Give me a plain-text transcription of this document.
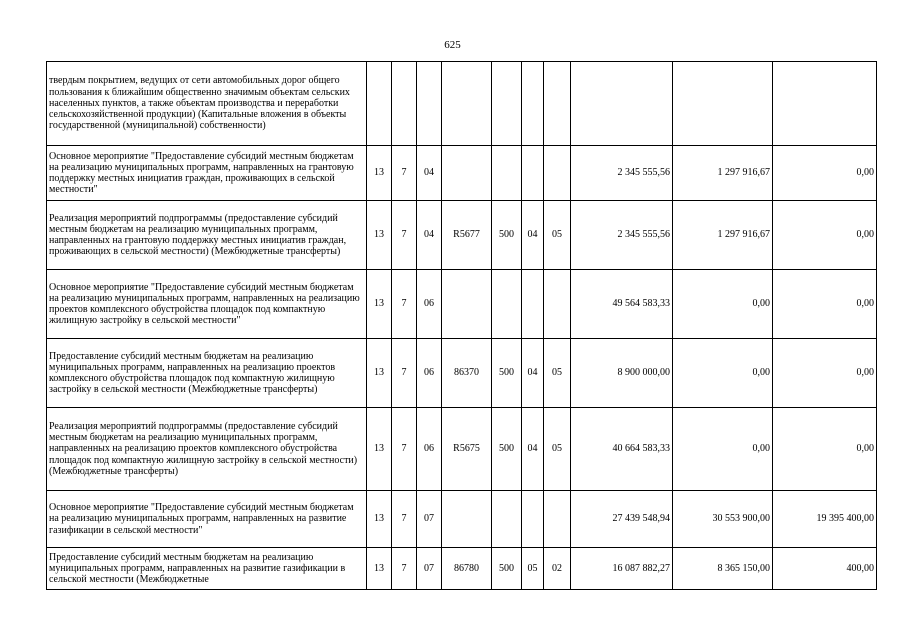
625
твердым покрытием, ведущих от сети автомобильных дорог общего пользования к ближайшим общественно значимым объектам сельских населенных пунктов, а также объектам производства и переработки сельскохозяйственной продукции) (Капитальные вложения в объекты государственной (муниципальной) собственности)										
Основное мероприятие "Предоставление субсидий местным бюджетам на реализацию муниципальных программ, направленных на грантовую поддержку местных инициатив граждан, проживающих в сельской местности"	13	7	04					2 345 555,56	1 297 916,67	0,00
Реализация мероприятий подпрограммы (предоставление субсидий местным бюджетам на реализацию муниципальных программ, направленных на грантовую поддержку местных инициатив граждан, проживающих в сельской местности) (Межбюджетные трансферты)	13	7	04	R5677	500	04	05	2 345 555,56	1 297 916,67	0,00
Основное мероприятие "Предоставление субсидий местным бюджетам на реализацию муниципальных программ, направленных на реализацию проектов комплексного обустройства площадок под компактную жилищную застройку в сельской местности"	13	7	06					49 564 583,33	0,00	0,00
Предоставление субсидий местным бюджетам на реализацию муниципальных программ, направленных на реализацию проектов комплексного обустройства площадок под компактную жилищную застройку в сельской местности (Межбюджетные трансферты)	13	7	06	86370	500	04	05	8 900 000,00	0,00	0,00
Реализация мероприятий подпрограммы (предоставление субсидий местным бюджетам на реализацию муниципальных программ, направленных на реализацию проектов комплексного обустройства площадок под компактную жилищную застройку в сельской местности) (Межбюджетные трансферты)	13	7	06	R5675	500	04	05	40 664 583,33	0,00	0,00
Основное мероприятие "Предоставление субсидий местным бюджетам на реализацию муниципальных программ, направленных на развитие газификации в сельской местности"	13	7	07					27 439 548,94	30 553 900,00	19 395 400,00
Предоставление субсидий местным бюджетам на реализацию муниципальных программ, направленных на развитие газификации в сельской местности (Межбюджетные	13	7	07	86780	500	05	02	16 087 882,27	8 365 150,00	400,00
